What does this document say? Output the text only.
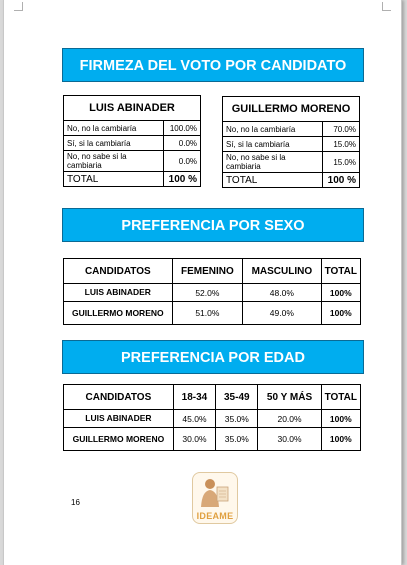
FIRMEZA DEL VOTO POR CANDIDATO
LUIS ABINADER	
No, no la cambiaría	100.0%
Sí, si la cambiaría	0.0%
No, no sabe si la cambiaria	0.0%
TOTAL	100 %
GUILLERMO MORENO	
No, no la cambiaría	70.0%
Sí, si la cambiaría	15.0%
No, no sabe si la cambiaria	15.0%
TOTAL	100 %
PREFERENCIA POR SEXO
CANDIDATOS	FEMENINO	MASCULINO	TOTAL
LUIS ABINADER	52.0%	48.0%	100%
GUILLERMO MORENO	51.0%	49.0%	100%
PREFERENCIA POR EDAD
CANDIDATOS	18-34	35-49	50 Y MÁS	TOTAL
LUIS ABINADER	45.0%	35.0%	20.0%	100%
GUILLERMO MORENO	30.0%	35.0%	30.0%	100%
16
IDEAME
